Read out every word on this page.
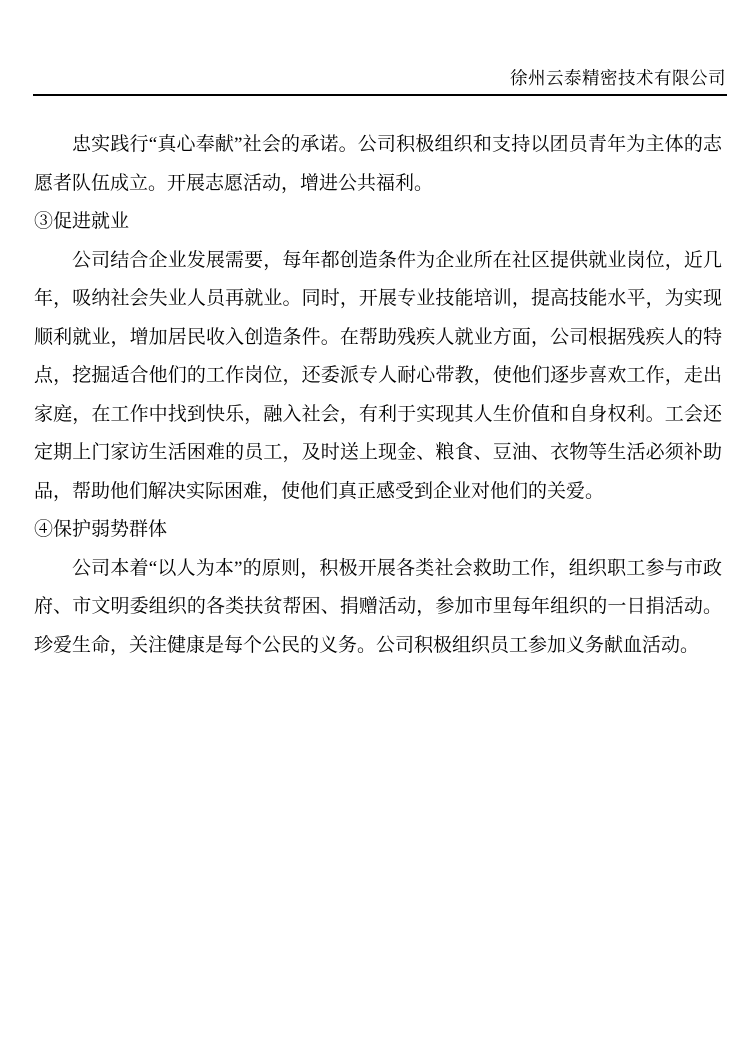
徐州云泰精密技术有限公司

忠实践行“真心奉献”社会的承诺。公司积极组织和支持以团员青年为主体的志愿者队伍成立。开展志愿活动，增进公共福利。

③促进就业

公司结合企业发展需要，每年都创造条件为企业所在社区提供就业岗位，近几年，吸纳社会失业人员再就业。同时，开展专业技能培训，提高技能水平，为实现顺利就业，增加居民收入创造条件。在帮助残疾人就业方面，公司根据残疾人的特点，挖掘适合他们的工作岗位，还委派专人耐心带教，使他们逐步喜欢工作，走出家庭，在工作中找到快乐，融入社会，有利于实现其人生价值和自身权利。工会还定期上门家访生活困难的员工，及时送上现金、粮食、豆油、衣物等生活必须补助品，帮助他们解决实际困难，使他们真正感受到企业对他们的关爱。

④保护弱势群体

公司本着“以人为本”的原则，积极开展各类社会救助工作，组织职工参与市政府、市文明委组织的各类扶贫帮困、捐赠活动，参加市里每年组织的一日捐活动。珍爱生命，关注健康是每个公民的义务。公司积极组织员工参加义务献血活动。
